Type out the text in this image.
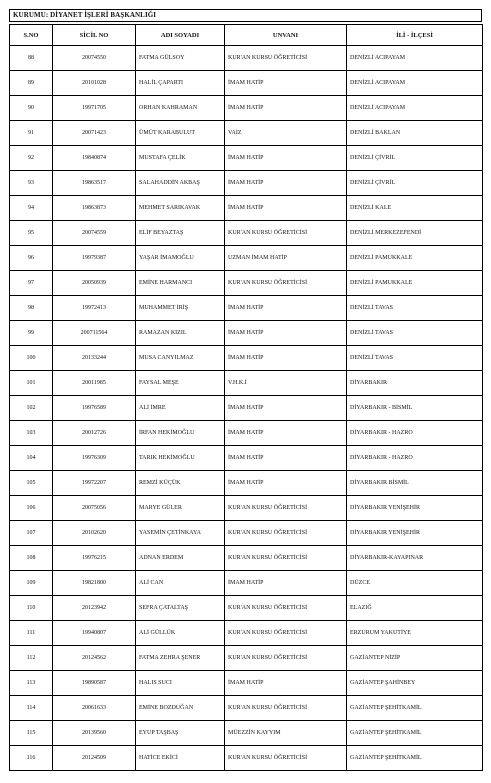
KURUMU: DİYANET İŞLERİ BAŞKANLIĞI
S.NO	SİCİL NO	ADI SOYADI	UNVANI	İLİ - İLÇESİ
88	20074550	FATMA GÜLSOY	KUR'AN KURSU ÖĞRETİCİSİ	DENİZLİ ACIPAYAM
89	20101028	HALİL ÇAPARTI	İMAM HATİP	DENİZLİ ACIPAYAM
90	19971705	ORHAN KAHRAMAN	İMAM HATİP	DENİZLİ ACIPAYAM
91	20071423	ÜMÜT KARABULUT	VAİZ	DENİZLİ BAKLAN
92	19840874	MUSTAFA ÇELİK	İMAM HATİP	DENİZLİ ÇİVRİL
93	19863517	SALAHADDİN AKBAŞ	İMAM HATİP	DENİZLİ ÇİVRİL
94	19863873	MEHMET SARIKAVAK	İMAM HATİP	DENİZLİ KALE
95	20074559	ELİF BEYAZTAŞ	KUR'AN KURSU ÖĞRETİCİSİ	DENİZLİ MERKEZEFENDİ
96	19979387	YAŞAR İMAMOĞLU	UZMAN İMAM HATİP	DENİZLİ PAMUKKALE
97	20050939	EMİNE HARMANCI	KUR'AN KURSU ÖĞRETİCİSİ	DENİZLİ PAMUKKALE
98	19972413	MUHAMMET İRİŞ	İMAM HATİP	DENİZLİ TAVAS
99	200711564	RAMAZAN KIZIL	İMAM HATİP	DENİZLİ TAVAS
100	20133244	MUSA CANYILMAZ	İMAM HATİP	DENİZLİ TAVAS
101	20011985	FAYSAL MEŞE	V.H.K.İ	DİYARBAKIR
102	19976589	ALİ İMRE	İMAM HATİP	DİYARBAKIR - BİSMİL
103	20012726	İRFAN HEKİMOĞLU	İMAM HATİP	DİYARBAKIR - HAZRO
104	19976309	TARIK HEKİMOĞLU	İMAM HATİP	DİYARBAKIR - HAZRO
105	19972207	REMZİ KÜÇÜK	İMAM HATİP	DİYARBAKIR BİSMİL
106	20075056	MARYE GÜLER	KUR'AN KURSU ÖĞRETİCİSİ	DİYARBAKIR YENİŞEHİR
107	20102620	YASEMİN ÇETİNKAYA	KUR'AN KURSU ÖĞRETİCİSİ	DİYARBAKIR YENİŞEHİR
108	19976215	ADNAN ERDEM	KUR'AN KURSU ÖĞRETİCİSİ	DİYARBAKIR-KAYAPINAR
109	19821800	ALİ CAN	İMAM HATİP	DÜZCE
110	20123942	SEFRA ÇATALTAŞ	KUR'AN KURSU ÖĞRETİCİSİ	ELAZIĞ
111	19940807	ALİ GÜLLÜK	KUR'AN KURSU ÖĞRETİCİSİ	ERZURUM YAKUTİYE
112	20124562	FATMA ZEHRA ŞENER	KUR'AN KURSU ÖĞRETİCİSİ	GAZİANTEP NİZİP
113	19890587	HALIS SUCI	İMAM HATİP	GAZİANTEP ŞAHİNBEY
114	20061633	EMİNE BOZDUĞAN	KUR'AN KURSU ÖĞRETİCİSİ	GAZİANTEP ŞEHİTKAMİL
115	20139560	EYUP TAŞBAŞ	MÜEZZİN KAYYIM	GAZİANTEP ŞEHİTKAMİL
116	20124509	HATİCE EKİCİ	KUR'AN KURSU ÖĞRETİCİSİ	GAZİANTEP ŞEHİTKAMİL
